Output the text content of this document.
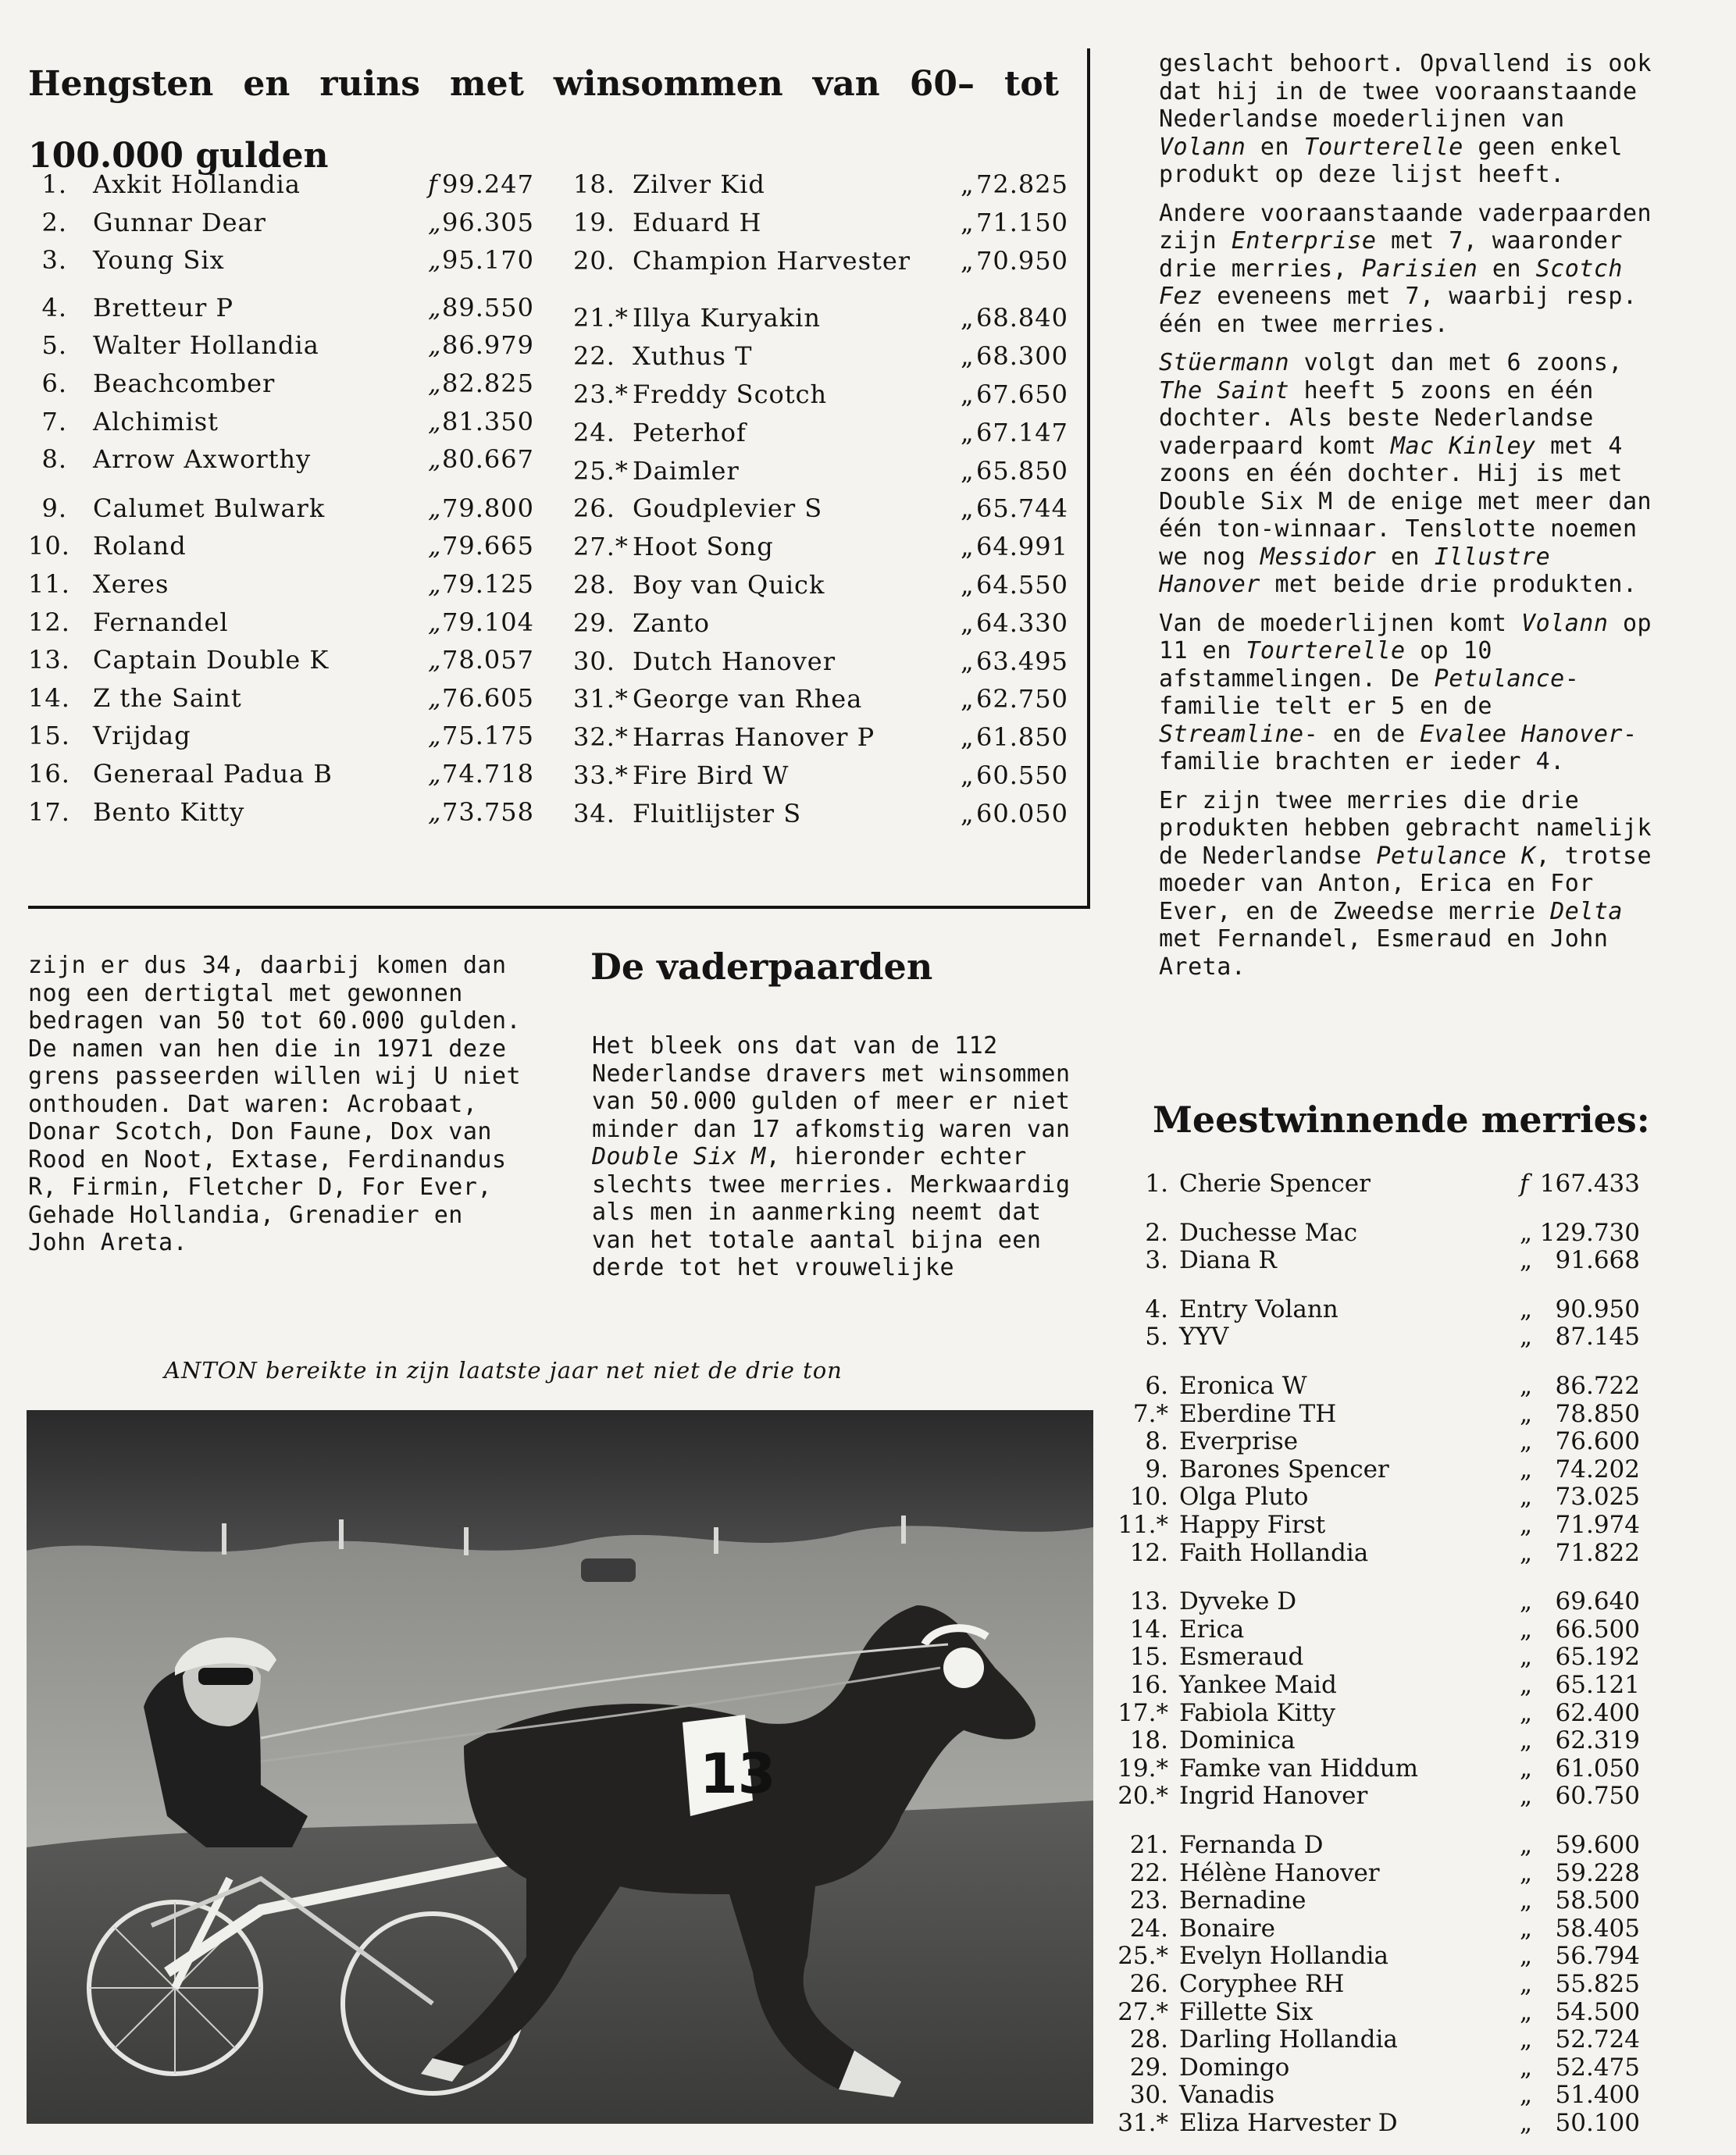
Hengsten en ruins met winsommen van 60– tot 100.000 gulden
1. Axkit Hollandia	f 99.247
2. Gunnar Dear	„ 96.305
3. Young Six	„ 95.170
4. Bretteur P	„ 89.550
5. Walter Hollandia	„ 86.979
6. Beachcomber	„ 82.825
7. Alchimist	„ 81.350
8. Arrow Axworthy	„ 80.667
9. Calumet Bulwark	„ 79.800
10. Roland	„ 79.665
11. Xeres	„ 79.125
12. Fernandel	„ 79.104
13. Captain Double K	„ 78.057
14. Z the Saint	„ 76.605
15. Vrijdag	„ 75.175
16. Generaal Padua B	„ 74.718
17. Bento Kitty	„ 73.758
18. Zilver Kid	„ 72.825
19. Eduard H	„ 71.150
20. Champion Harvester „ 70.950
21.* Illya Kuryakin	„ 68.840
22. Xuthus T	„ 68.300
23.* Freddy Scotch	„ 67.650
24. Peterhof	„ 67.147
25.* Daimler	„ 65.850
26. Goudplevier S	„ 65.744
27.* Hoot Song	„ 64.991
28. Boy van Quick	„ 64.550
29. Zanto	„ 64.330
30. Dutch Hanover	„ 63.495
31.* George van Rhea	„ 62.750
32.* Harras Hanover P	„ 61.850
33.* Fire Bird W	„ 60.550
34. Fluitlijster S	„ 60.050

zijn er dus 34, daarbij komen dan nog een dertigtal met gewonnen bedragen van 50 tot 60.000 gulden. De namen van hen die in 1971 deze grens passeerden willen wij U niet onthouden. Dat waren: Acrobaat, Donar Scotch, Don Faune, Dox van Rood en Noot, Extase, Ferdinandus R, Firmin, Fletcher D, For Ever, Gehade Hollandia, Grenadier en John Areta.

De vaderpaarden

Het bleek ons dat van de 112 Nederlandse dravers met winsommen van 50.000 gulden of meer er niet minder dan 17 afkomstig waren van Double Six M, hieronder echter slechts twee merries. Merkwaardig als men in aanmerking neemt dat van het totale aantal bijna een derde tot het vrouwelijke

geslacht behoort. Opvallend is ook dat hij in de twee vooraanstaande Nederlandse moederlijnen van Volann en Tourterelle geen enkel produkt op deze lijst heeft.

Andere vooraanstaande vaderpaarden zijn Enterprise met 7, waaronder drie merries, Parisien en Scotch Fez eveneens met 7, waarbij resp. één en twee merries.

Stüermann volgt dan met 6 zoons, The Saint heeft 5 zoons en één dochter. Als beste Nederlandse vaderpaard komt Mac Kinley met 4 zoons en één dochter. Hij is met Double Six M de enige met meer dan één ton-winnaar. Tenslotte noemen we nog Messidor en Illustre Hanover met beide drie produkten.

Van de moederlijnen komt Volann op 11 en Tourterelle op 10 afstammelingen. De Petulance-familie telt er 5 en de Streamline- en de Evalee Hanover-familie brachten er ieder 4.

Er zijn twee merries die drie produkten hebben gebracht namelijk de Nederlandse Petulance K, trotse moeder van Anton, Erica en For Ever, en de Zweedse merrie Delta met Fernandel, Esmeraud en John Areta.

Meestwinnende merries:
1. Cherie Spencer	f 167.433
2. Duchesse Mac	„ 129.730
3. Diana R	„ 91.668
4. Entry Volann	„ 90.950
5. YYV	„ 87.145
6. Eronica W	„ 86.722
7.* Eberdine TH	„ 78.850
8. Everprise	„ 76.600
9. Barones Spencer	„ 74.202
10. Olga Pluto	„ 73.025
11.* Happy First	„ 71.974
12. Faith Hollandia	„ 71.822
13. Dyveke D	„ 69.640
14. Erica	„ 66.500
15. Esmeraud	„ 65.192
16. Yankee Maid	„ 65.121
17.* Fabiola Kitty	„ 62.400
18. Dominica	„ 62.319
19.* Famke van Hiddum	„ 61.050
20.* Ingrid Hanover	„ 60.750
21. Fernanda D	„ 59.600
22. Hélène Hanover	„ 59.228
23. Bernadine	„ 58.500
24. Bonaire	„ 58.405
25.* Evelyn Hollandia	„ 56.794
26. Coryphee RH	„ 55.825
27.* Fillette Six	„ 54.500
28. Darling Hollandia	„ 52.724
29. Domingo	„ 52.475
30. Vanadis	„ 51.400
31.* Eliza Harvester D	„ 50.100

ANTON bereikte in zijn laatste jaar net niet de drie ton

13
